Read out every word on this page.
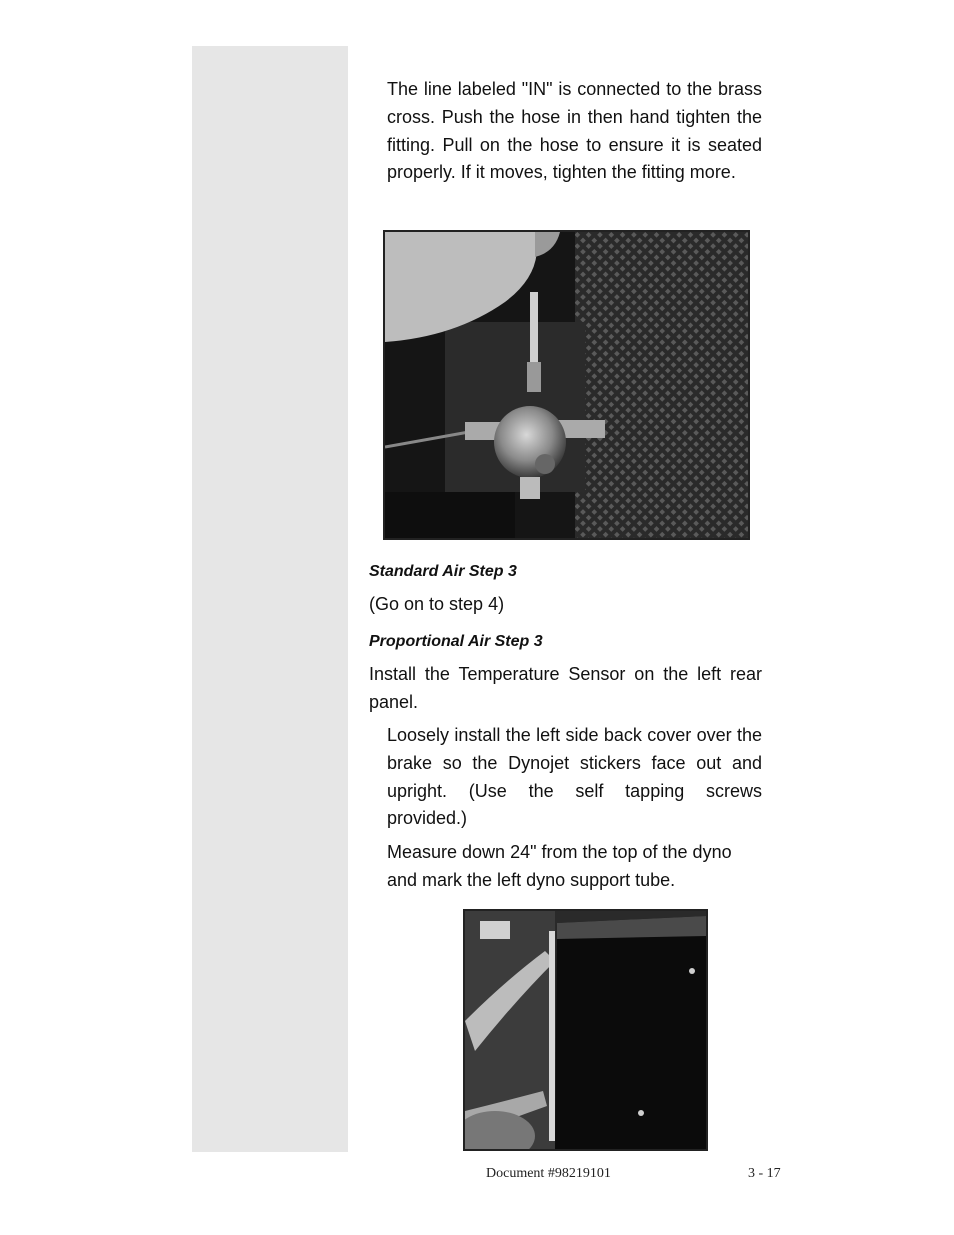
The line labeled "IN" is connected to the brass cross. Push the hose in then hand tighten the fitting. Pull on the hose to ensure it is seated properly. If it moves, tighten the fitting more.

Standard Air Step 3

(Go on to step 4)

Proportional Air Step 3

Install the Temperature Sensor on the left rear panel.

Loosely install the left side back cover over the brake so the Dynojet stickers face out and upright. (Use the self tapping screws provided.)

Measure down 24" from the top of the dyno and mark the left dyno support tube.

Document #98219101	3 - 17
